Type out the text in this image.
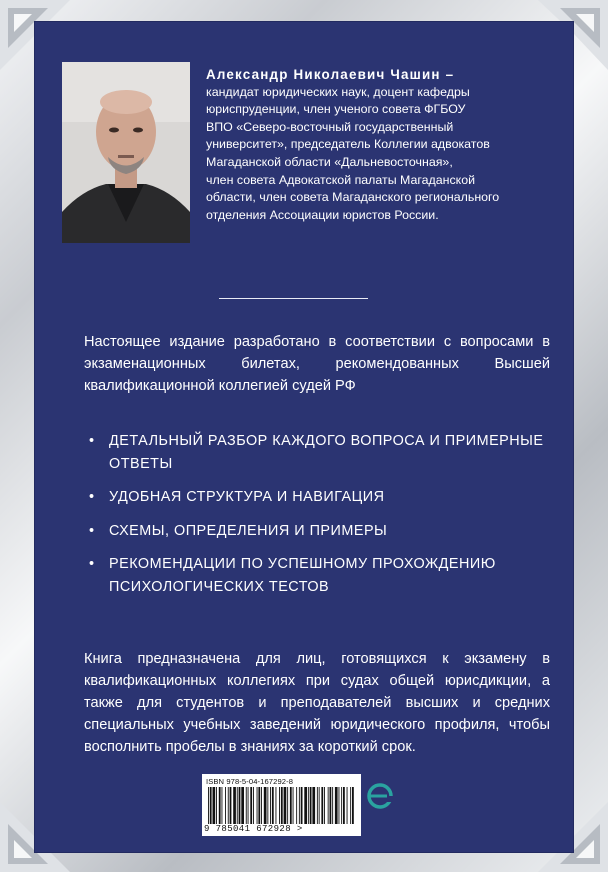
Александр Николаевич Чашин –
кандидат юридических наук, доцент кафедры
юриспруденции, член ученого совета ФГБОУ
ВПО «Северо-восточный государственный
университет», председатель Коллегии адвокатов
Магаданской области «Дальневосточная»,
член совета Адвокатской палаты Магаданской
области, член совета Магаданского регионального
отделения Ассоциации юристов России.
Настоящее издание разработано в соответствии с вопросами в экзаменационных билетах, рекомендованных Высшей квалификационной коллегией судей РФ
• ДЕТАЛЬНЫЙ РАЗБОР КАЖДОГО ВОПРОСА И ПРИМЕРНЫЕ ОТВЕТЫ
• УДОБНАЯ СТРУКТУРА И НАВИГАЦИЯ
• СХЕМЫ, ОПРЕДЕЛЕНИЯ И ПРИМЕРЫ
• РЕКОМЕНДАЦИИ ПО УСПЕШНОМУ ПРОХОЖДЕНИЮ ПСИХОЛОГИЧЕСКИХ ТЕСТОВ
Книга предназначена для лиц, готовящихся к экзамену в квалификационных коллегиях при судах общей юрисдикции, а также для студентов и преподавателей высших и средних специальных учебных заведений юридического профиля, чтобы восполнить пробелы в знаниях за короткий срок.
ISBN 978-5-04-167292-8
9 785041 672928 >
